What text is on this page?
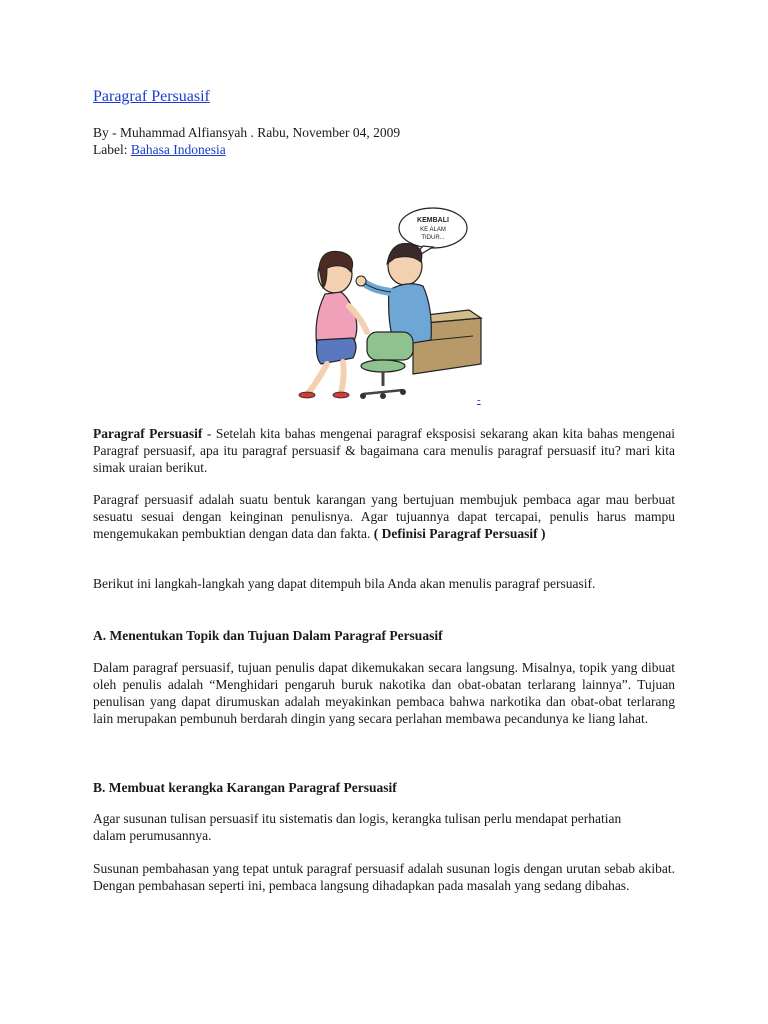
Paragraf Persuasif
By - Muhammad Alfiansyah . Rabu, November 04, 2009
Label: Bahasa Indonesia
KEMBALI
KE ALAM
TIDUR...
-

Paragraf Persuasif - Setelah kita bahas mengenai paragraf eksposisi sekarang akan kita bahas mengenai Paragraf persuasif, apa itu paragraf persuasif & bagaimana cara menulis paragraf persuasif itu? mari kita simak uraian berikut.

Paragraf persuasif adalah suatu bentuk karangan yang bertujuan membujuk pembaca agar mau berbuat sesuatu sesuai dengan keinginan penulisnya. Agar tujuannya dapat tercapai, penulis harus mampu mengemukakan pembuktian dengan data dan fakta. ( Definisi Paragraf Persuasif )

Berikut ini langkah-langkah yang dapat ditempuh bila Anda akan menulis paragraf persuasif.

A. Menentukan Topik dan Tujuan Dalam Paragraf Persuasif

Dalam paragraf persuasif, tujuan penulis dapat dikemukakan secara langsung. Misalnya, topik yang dibuat oleh penulis adalah “Menghidari pengaruh buruk nakotika dan obat-obatan terlarang lainnya”. Tujuan penulisan yang dapat dirumuskan adalah meyakinkan pembaca bahwa narkotika dan obat-obat terlarang lain merupakan pembunuh berdarah dingin yang secara perlahan membawa pecandunya ke liang lahat.

B. Membuat kerangka Karangan Paragraf Persuasif

Agar susunan tulisan persuasif itu sistematis dan logis, kerangka tulisan perlu mendapat perhatian dalam perumusannya.

Susunan pembahasan yang tepat untuk paragraf persuasif adalah susunan logis dengan urutan sebab akibat. Dengan pembahasan seperti ini, pembaca langsung dihadapkan pada masalah yang sedang dibahas.
